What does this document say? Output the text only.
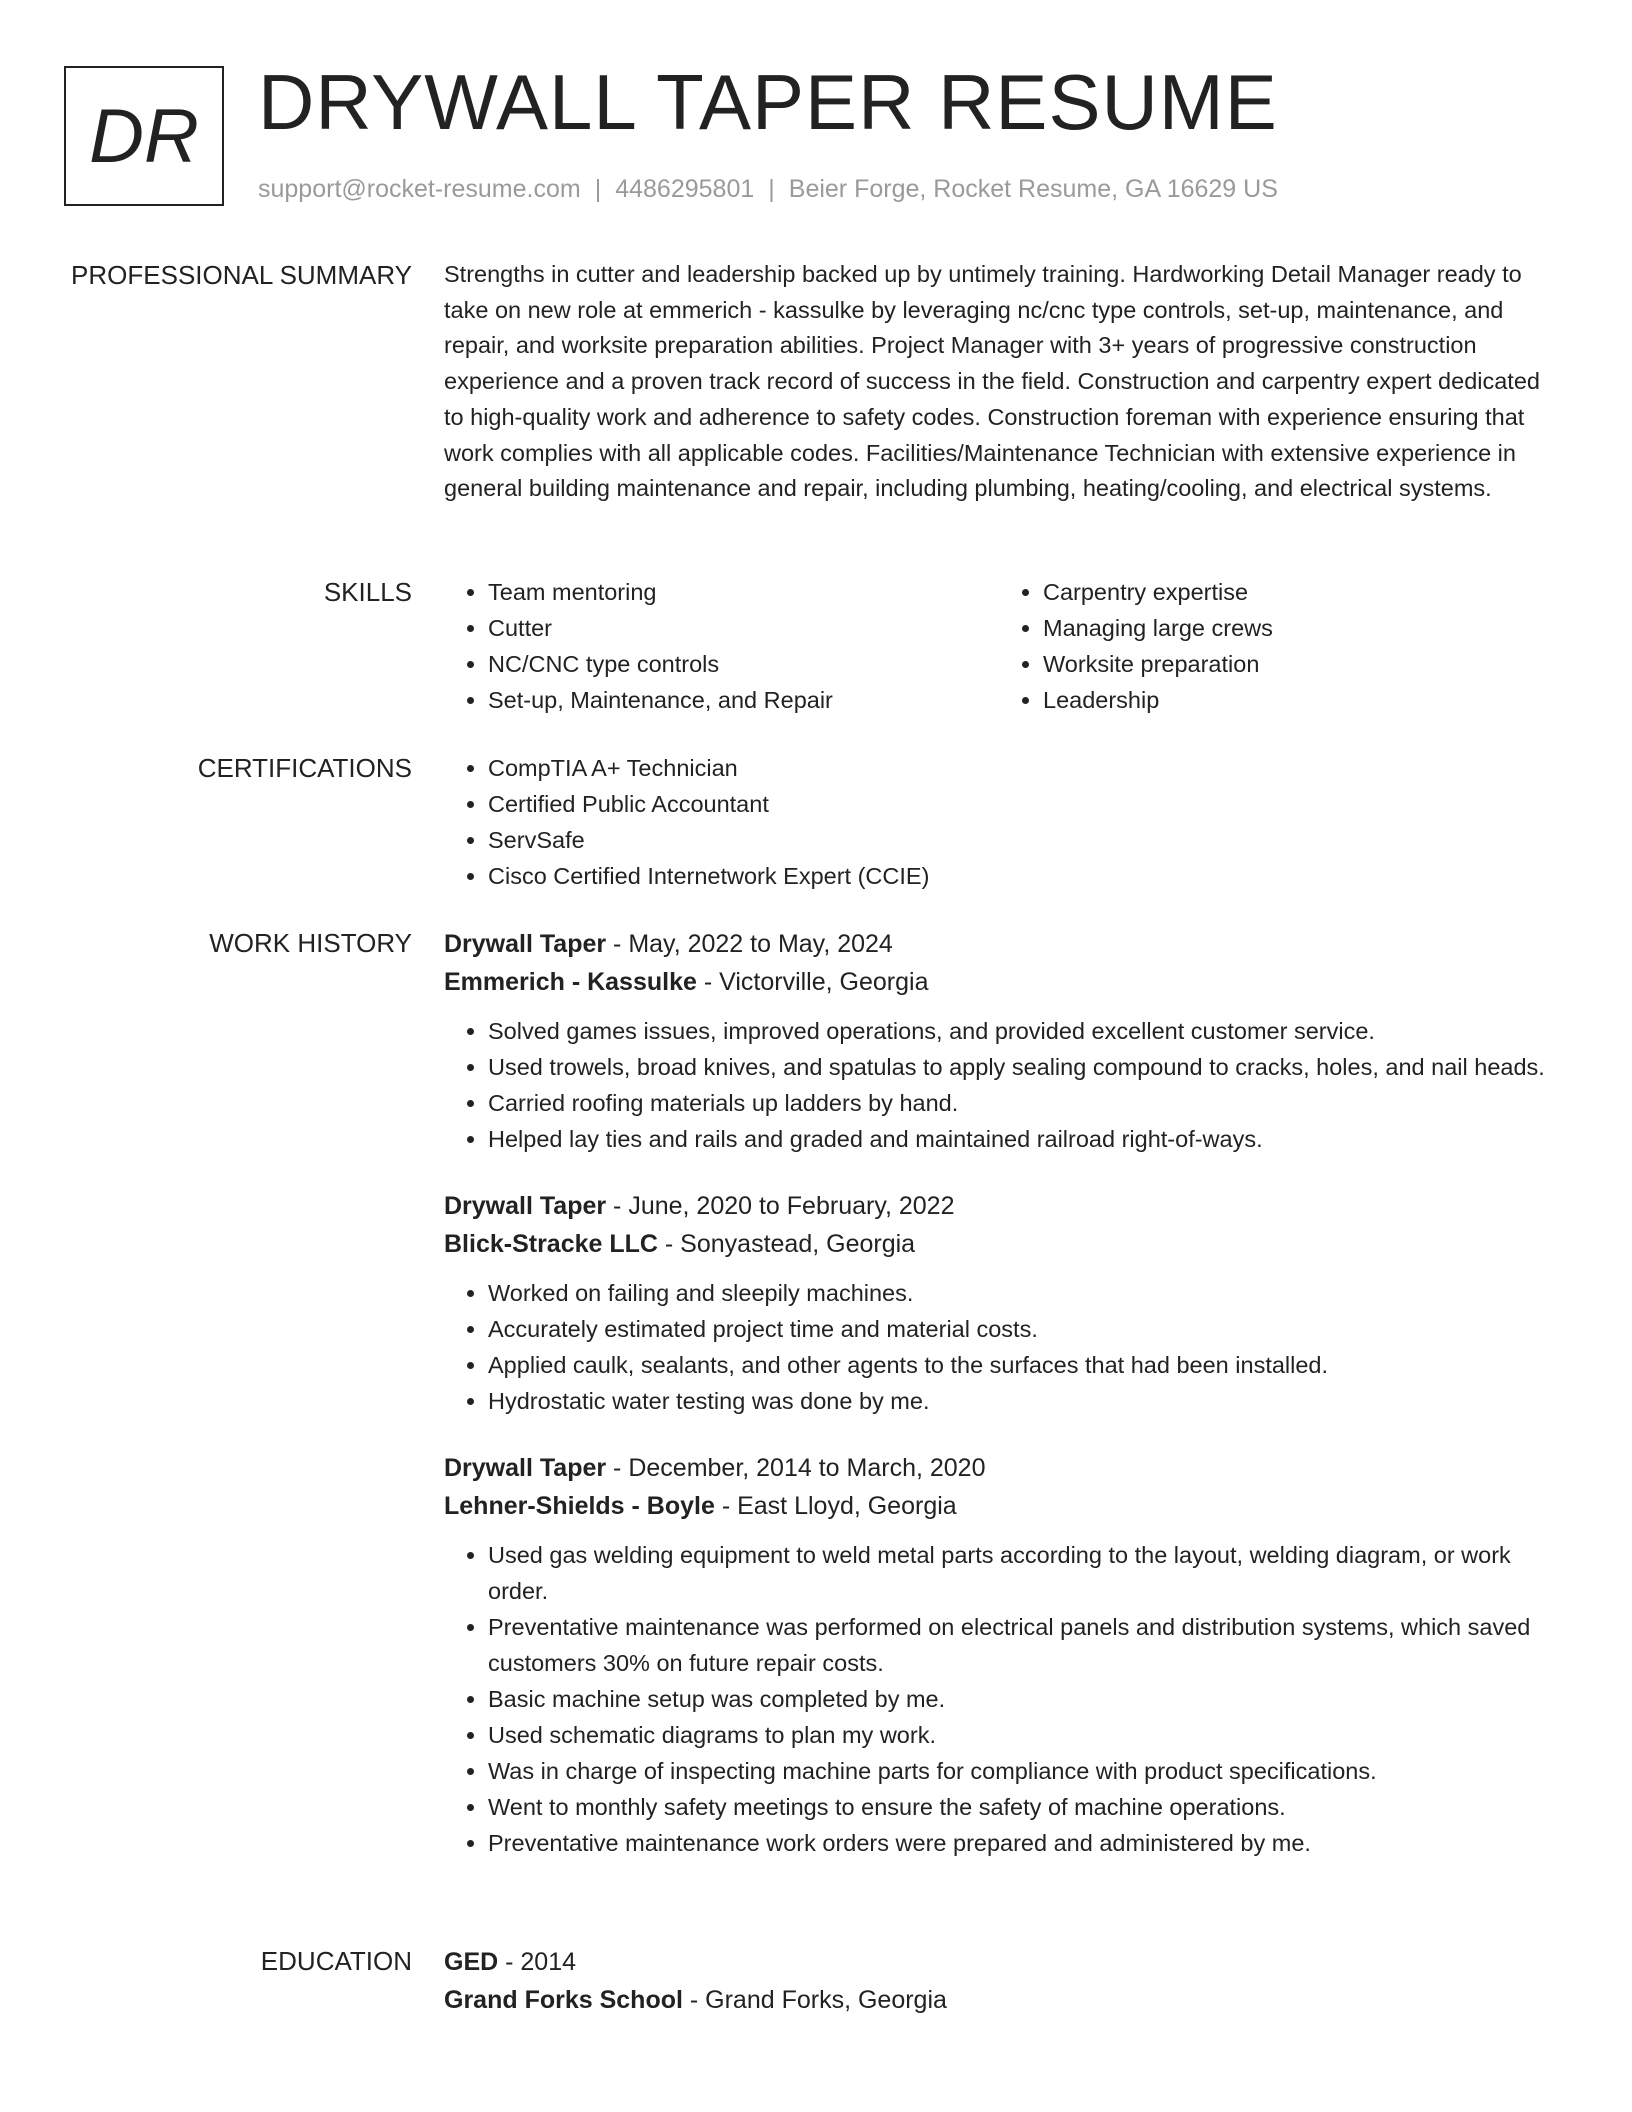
DR DRYWALL TAPER RESUME
support@rocket-resume.com | 4486295801 | Beier Forge, Rocket Resume, GA 16629 US
PROFESSIONAL SUMMARY Strengths in cutter and leadership backed up by untimely training. Hardworking Detail Manager ready to take on new role at emmerich - kassulke by leveraging nc/cnc type controls, set-up, maintenance, and repair, and worksite preparation abilities. Project Manager with 3+ years of progressive construction experience and a proven track record of success in the field. Construction and carpentry expert dedicated to high-quality work and adherence to safety codes. Construction foreman with experience ensuring that work complies with all applicable codes. Facilities/Maintenance Technician with extensive experience in general building maintenance and repair, including plumbing, heating/cooling, and electrical systems.

SKILLS	• Team mentoring
• Cutter
• NC/CNC type controls
• Set-up, Maintenance, and Repair
• Carpentry expertise
• Managing large crews
• Worksite preparation
• Leadership
CERTIFICATIONS	• CompTIA A+ Technician
• Certified Public Accountant
• ServSafe
• Cisco Certified Internetwork Expert (CCIE)
WORK HISTORY Drywall Taper - May, 2022 to May, 2024
Emmerich - Kassulke - Victorville, Georgia
• Solved games issues, improved operations, and provided excellent customer service.
• Used trowels, broad knives, and spatulas to apply sealing compound to cracks, holes, and nail heads.
• Carried roofing materials up ladders by hand.
• Helped lay ties and rails and graded and maintained railroad right-of-ways.
Drywall Taper - June, 2020 to February, 2022
Blick-Stracke LLC - Sonyastead, Georgia
• Worked on failing and sleepily machines.
• Accurately estimated project time and material costs.
• Applied caulk, sealants, and other agents to the surfaces that had been installed.
• Hydrostatic water testing was done by me.
Drywall Taper - December, 2014 to March, 2020
Lehner-Shields - Boyle - East Lloyd, Georgia
• Used gas welding equipment to weld metal parts according to the layout, welding diagram, or work order.
• Preventative maintenance was performed on electrical panels and distribution systems, which saved customers 30% on future repair costs.
• Basic machine setup was completed by me.
• Used schematic diagrams to plan my work.
• Was in charge of inspecting machine parts for compliance with product specifications.
• Went to monthly safety meetings to ensure the safety of machine operations.
• Preventative maintenance work orders were prepared and administered by me.
EDUCATION GED - 2014
Grand Forks School - Grand Forks, Georgia
